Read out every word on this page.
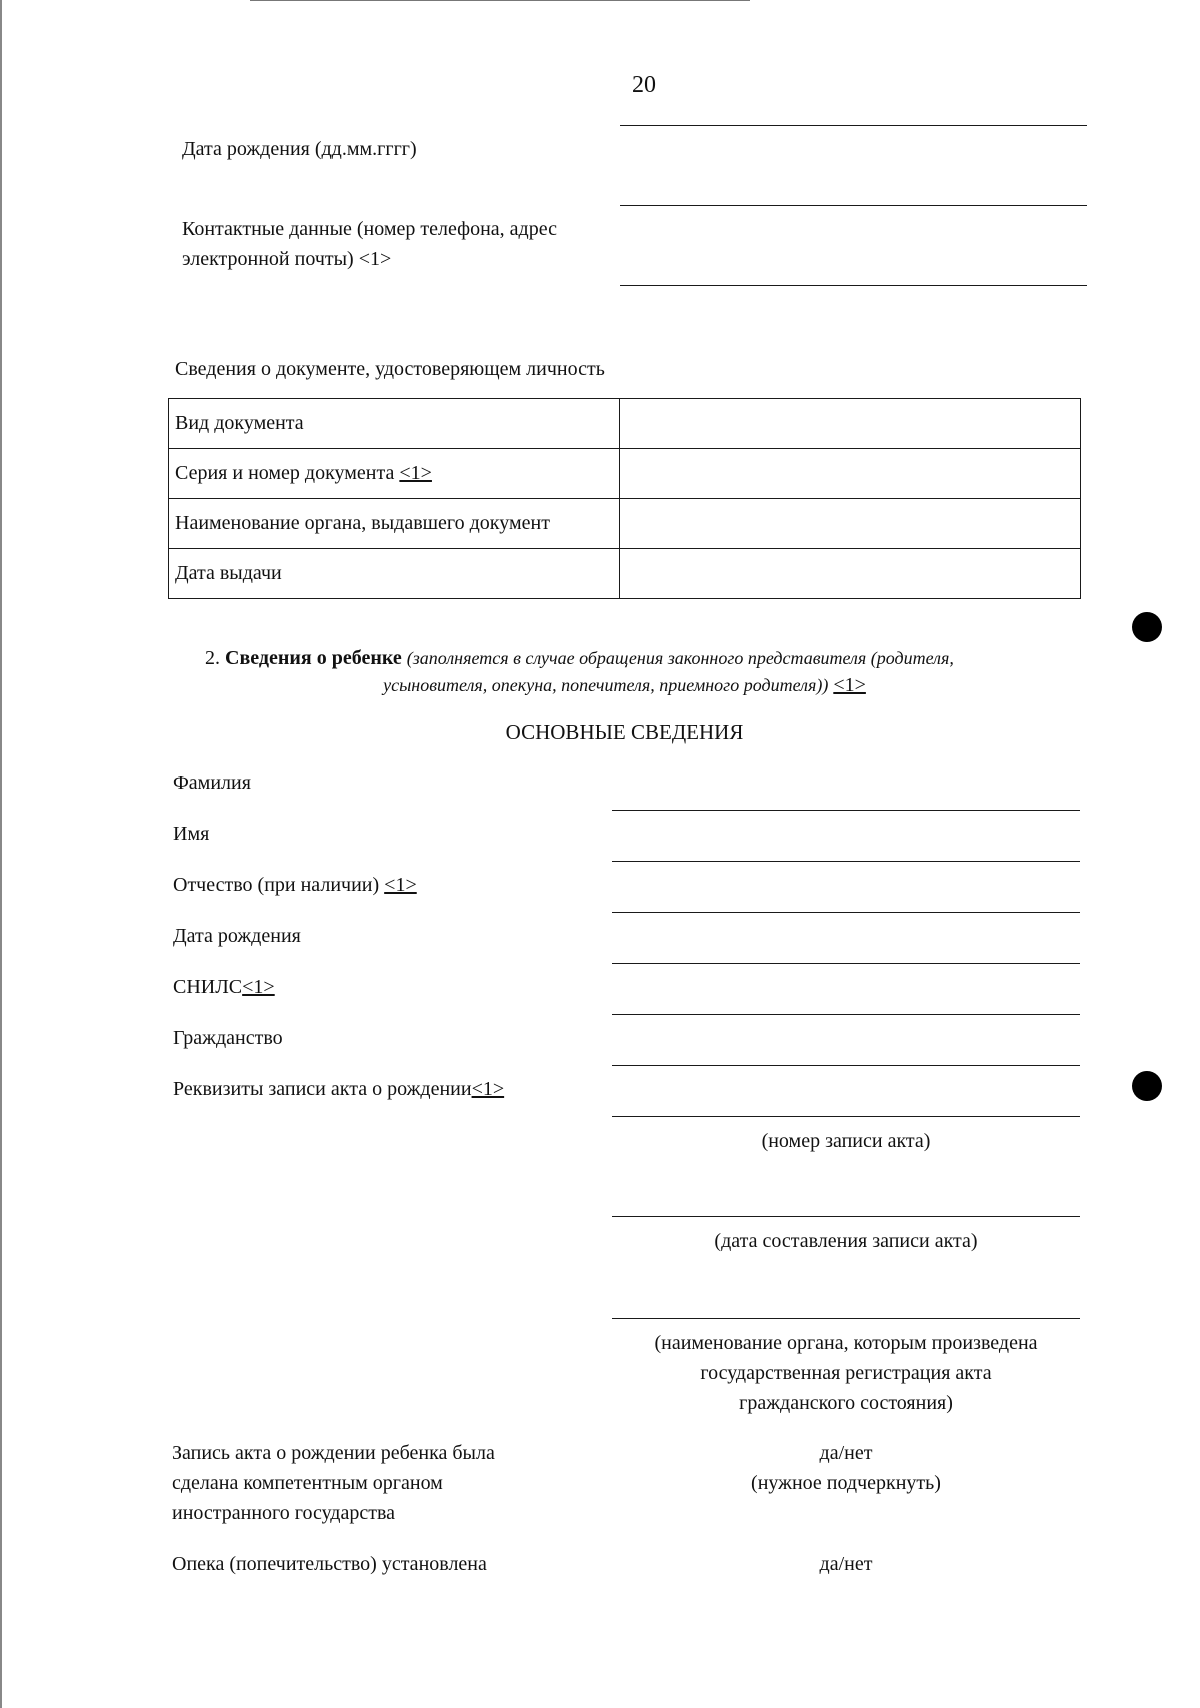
20
Дата рождения (дд.мм.гггг)
Контактные данные (номер телефона, адрес
электронной почты) <1>
Сведения о документе, удостоверяющем личность
Вид документа	
Серия и номер документа <1>	
Наименование органа, выдавшего документ	
Дата выдачи	
2. Сведения о ребенке (заполняется в случае обращения законного представителя (родителя,
усыновителя, опекуна, попечителя, приемного родителя)) <1>
ОСНОВНЫЕ СВЕДЕНИЯ
Фамилия
Имя
Отчество (при наличии) <1>
Дата рождения
СНИЛС<1>
Гражданство
Реквизиты записи акта о рождении<1>
(номер записи акта)
(дата составления записи акта)
(наименование органа, которым произведена
государственная регистрация акта
гражданского состояния)
Запись акта о рождении ребенка была
сделана компетентным органом
иностранного государства
да/нет
(нужное подчеркнуть)
Опека (попечительство) установлена	да/нет
